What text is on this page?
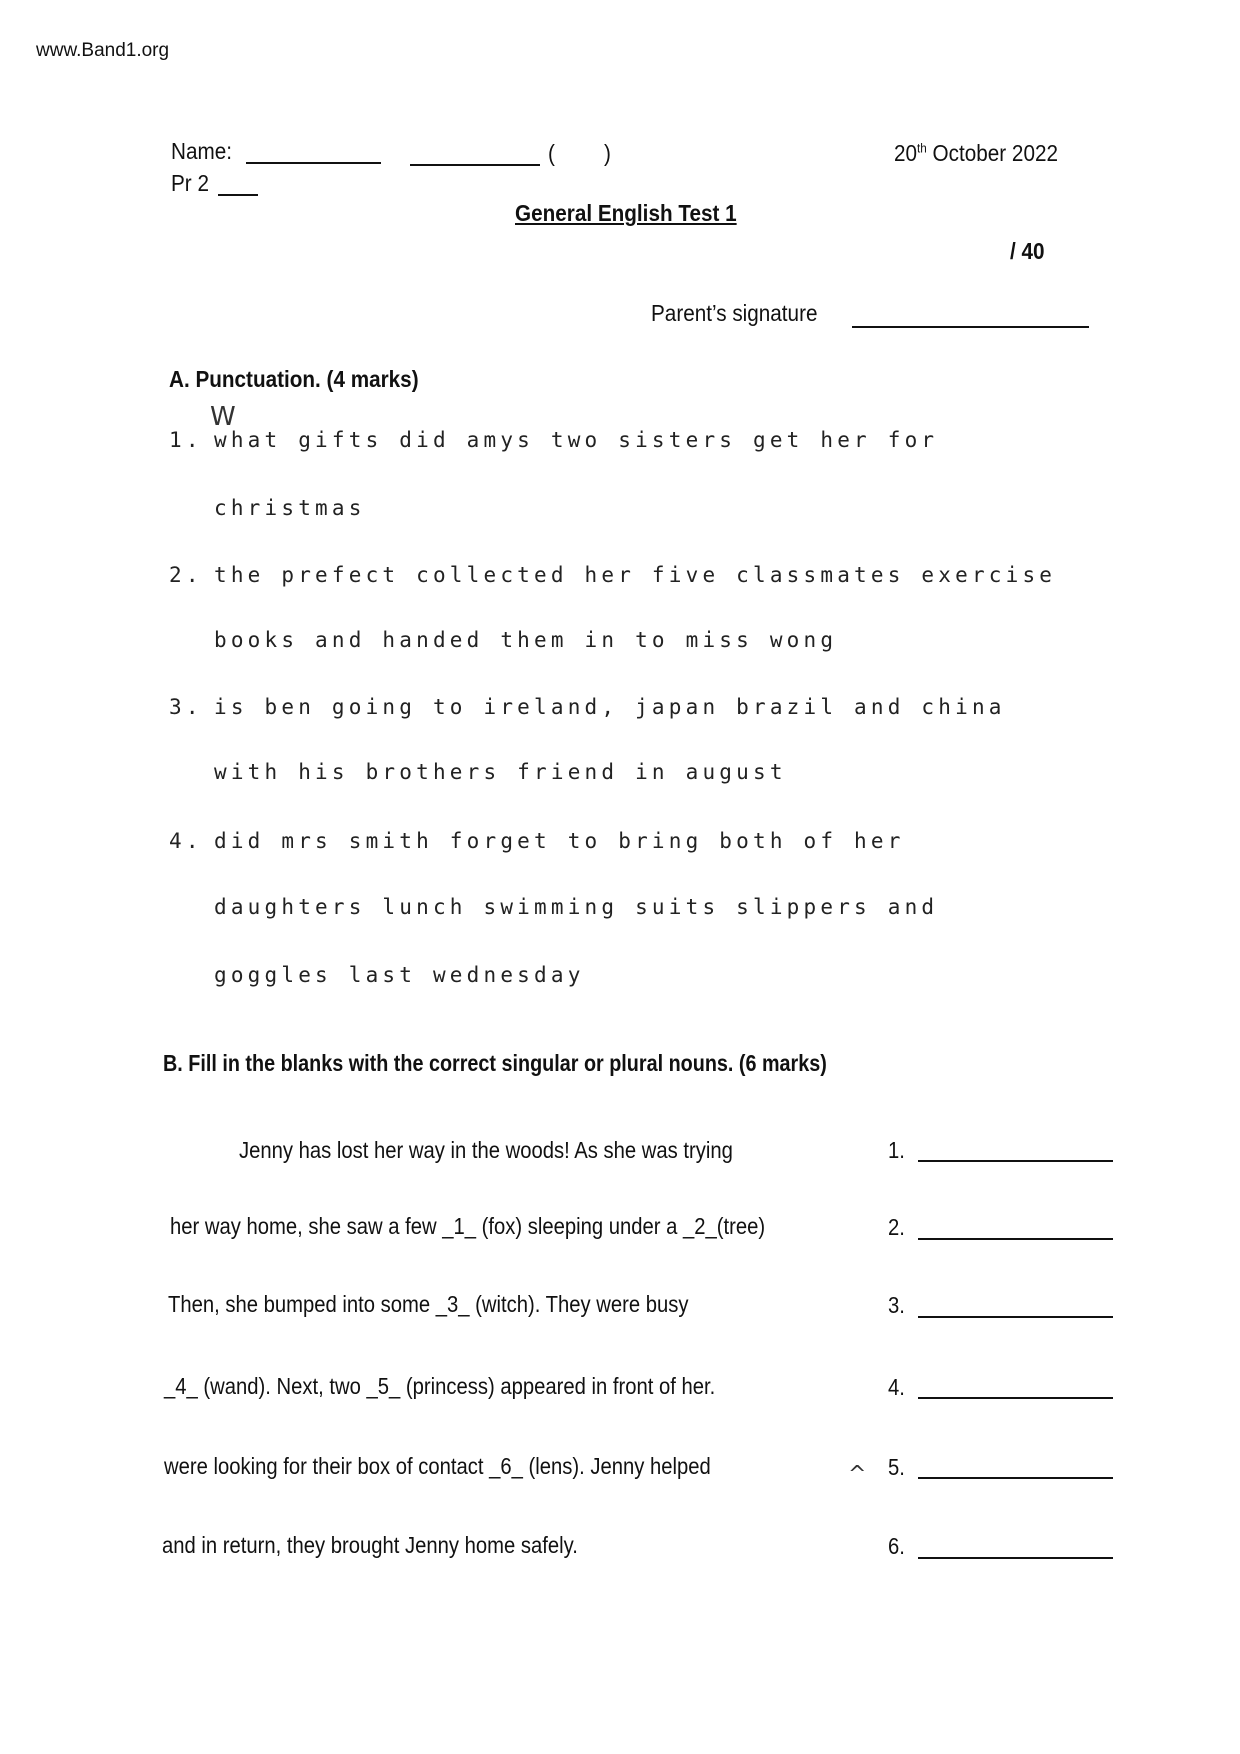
www.Band1.org
Name:	( )
Pr 2
20th October 2022
General English Test 1
/ 40
Parent’s signature
A. Punctuation. (4 marks)
W
1. what gifts did amys two sisters get her for
christmas
2. the prefect collected her five classmates exercise
books and handed them in to miss wong
3. is ben going to ireland, japan brazil and china
with his brothers friend in august
4. did mrs smith forget to bring both of her
daughters lunch swimming suits slippers and
goggles last wednesday
B. Fill in the blanks with the correct singular or plural nouns. (6 marks)
Jenny has lost her way in the woods! As she was trying
her way home, she saw a few _1_ (fox) sleeping under a _2_(tree)
Then, she bumped into some _3_ (witch). They were busy
_4_ (wand). Next, two _5_ (princess) appeared in front of her.
were looking for their box of contact _6_ (lens). Jenny helped	^
and in return, they brought Jenny home safely.
1.
2.
3.
4.
5.
6.
